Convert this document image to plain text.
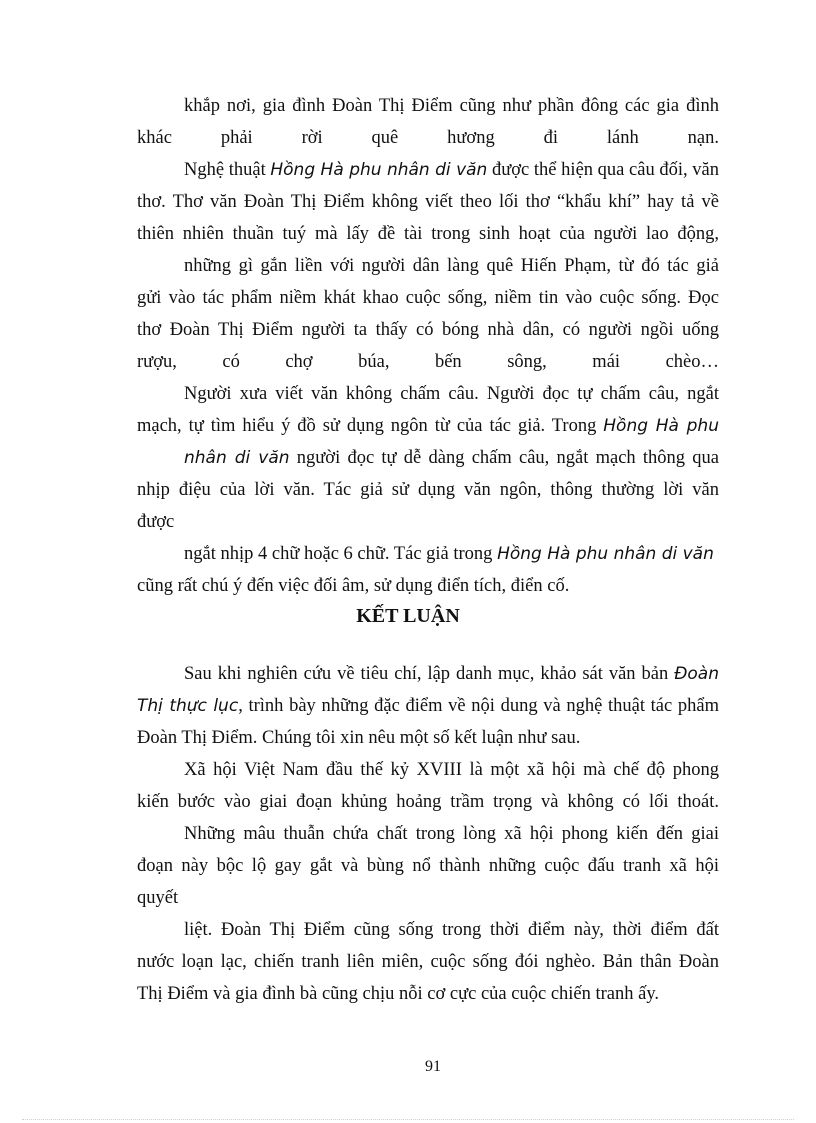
khắp nơi, gia đình Đoàn Thị Điểm cũng như phần đông các gia đình
khác phải rời quê hương đi lánh nạn.
Nghệ thuật Hồng Hà phu nhân di văn được thể hiện qua câu đối, văn
thơ. Thơ văn Đoàn Thị Điểm không viết theo lối thơ “khẩu khí” hay tả về
thiên nhiên thuần tuý mà lấy đề tài trong sinh hoạt của người lao động,
những gì gắn liền với người dân làng quê Hiến Phạm, từ đó tác giả
gửi vào tác phẩm niềm khát khao cuộc sống, niềm tin vào cuộc sống. Đọc
thơ Đoàn Thị Điểm người ta thấy có bóng nhà dân, có người ngồi uống
rượu, có chợ búa, bến sông, mái chèo…
Người xưa viết văn không chấm câu. Người đọc tự chấm câu, ngắt
mạch, tự tìm hiểu ý đồ sử dụng ngôn từ của tác giả. Trong Hồng Hà phu
nhân di văn người đọc tự dễ dàng chấm câu, ngắt mạch thông qua
nhịp điệu của lời văn. Tác giả sử dụng văn ngôn, thông thường lời văn
được
ngắt nhịp 4 chữ hoặc 6 chữ. Tác giả trong Hồng Hà phu nhân di văn
cũng rất chú ý đến việc đối âm, sử dụng điển tích, điển cố.
KẾT LUẬN
Sau khi nghiên cứu về tiêu chí, lập danh mục, khảo sát văn bản Đoàn
Thị thực lục, trình bày những đặc điểm về nội dung và nghệ thuật tác phẩm
Đoàn Thị Điểm. Chúng tôi xin nêu một số kết luận như sau.
Xã hội Việt Nam đầu thế kỷ XVIII là một xã hội mà chế độ phong
kiến bước vào giai đoạn khủng hoảng trầm trọng và không có lối thoát.
Những mâu thuẫn chứa chất trong lòng xã hội phong kiến đến giai
đoạn này bộc lộ gay gắt và bùng nổ thành những cuộc đấu tranh xã hội
quyết
liệt. Đoàn Thị Điểm cũng sống trong thời điểm này, thời điểm đất
nước loạn lạc, chiến tranh liên miên, cuộc sống đói nghèo. Bản thân Đoàn
Thị Điểm và gia đình bà cũng chịu nỗi cơ cực của cuộc chiến tranh ấy.
91
